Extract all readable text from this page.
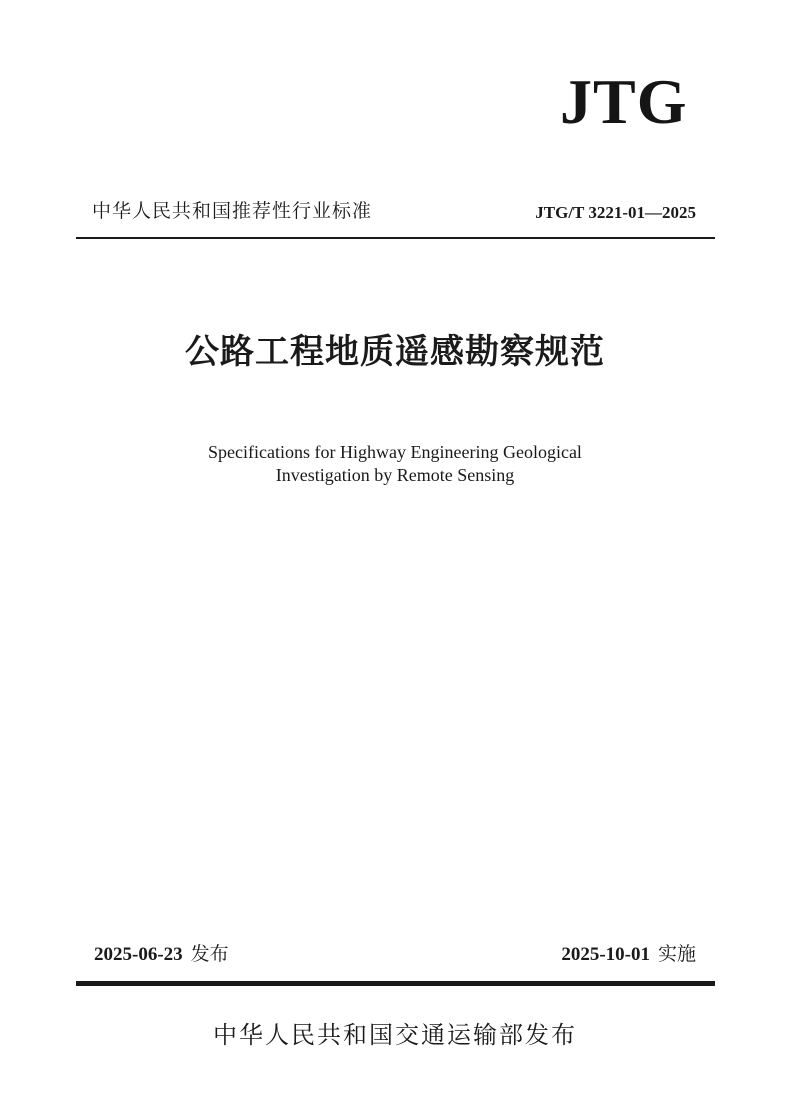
JTG
中华人民共和国推荐性行业标准	JTG/T 3221-01—2025
公路工程地质遥感勘察规范
Specifications for Highway Engineering Geological
Investigation by Remote Sensing
2025-06-23 发布	2025-10-01 实施
中华人民共和国交通运输部发布
